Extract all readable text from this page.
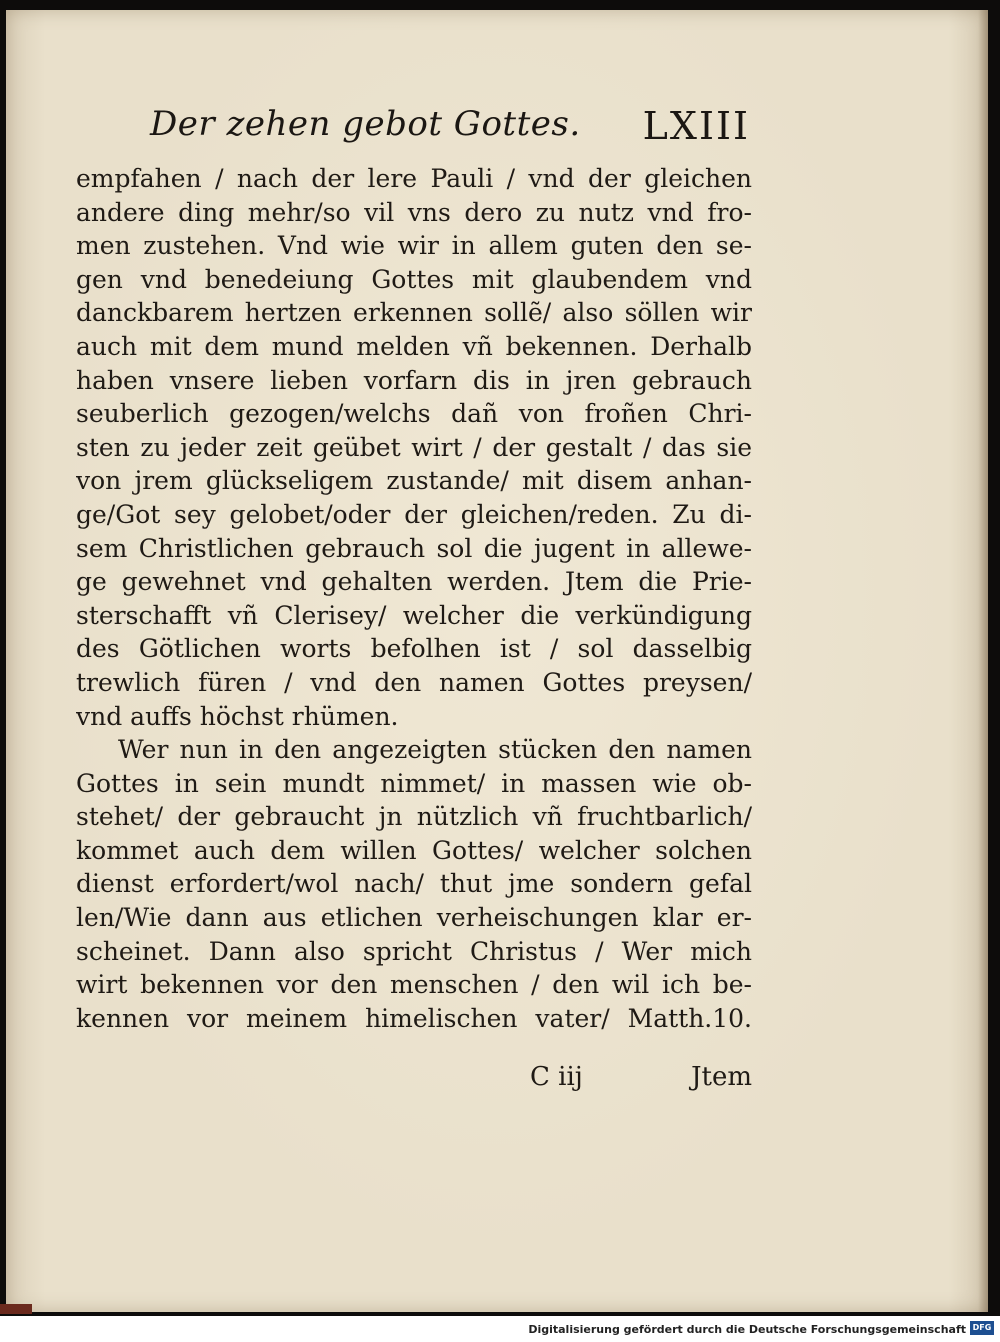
Der zehen gebot Gottes. LXIII
empfahen / nach der lere Pauli / vnd der gleichen
andere ding mehr/so vil vns dero zu nutz vnd fro-
men zustehen. Vnd wie wir in allem guten den se-
gen vnd benedeiung Gottes mit glaubendem vnd
danckbarem hertzen erkennen sollẽ/ also söllen wir
auch mit dem mund melden vñ bekennen. Derhalb
haben vnsere lieben vorfarn dis in jren gebrauch
seuberlich gezogen/welchs dañ von froñen Chri-
sten zu jeder zeit geübet wirt / der gestalt / das sie
von jrem glückseligem zustande/ mit disem anhan-
ge/Got sey gelobet/oder der gleichen/reden. Zu di-
sem Christlichen gebrauch sol die jugent in allewe-
ge gewehnet vnd gehalten werden. Jtem die Prie-
sterschafft vñ Clerisey/ welcher die verkündigung
des Götlichen worts befolhen ist / sol dasselbig
trewlich füren / vnd den namen Gottes preysen/
vnd auffs höchst rhümen.
Wer nun in den angezeigten stücken den namen
Gottes in sein mundt nimmet/ in massen wie ob-
stehet/ der gebraucht jn nützlich vñ fruchtbarlich/
kommet auch dem willen Gottes/ welcher solchen
dienst erfordert/wol nach/ thut jme sondern gefal
len/Wie dann aus etlichen verheischungen klar er-
scheinet. Dann also spricht Christus / Wer mich
wirt bekennen vor den menschen / den wil ich be-
kennen vor meinem himelischen vater/ Matth.10.
C iij	Jtem
Digitalisierung gefördert durch die Deutsche Forschungsgemeinschaft DFG
